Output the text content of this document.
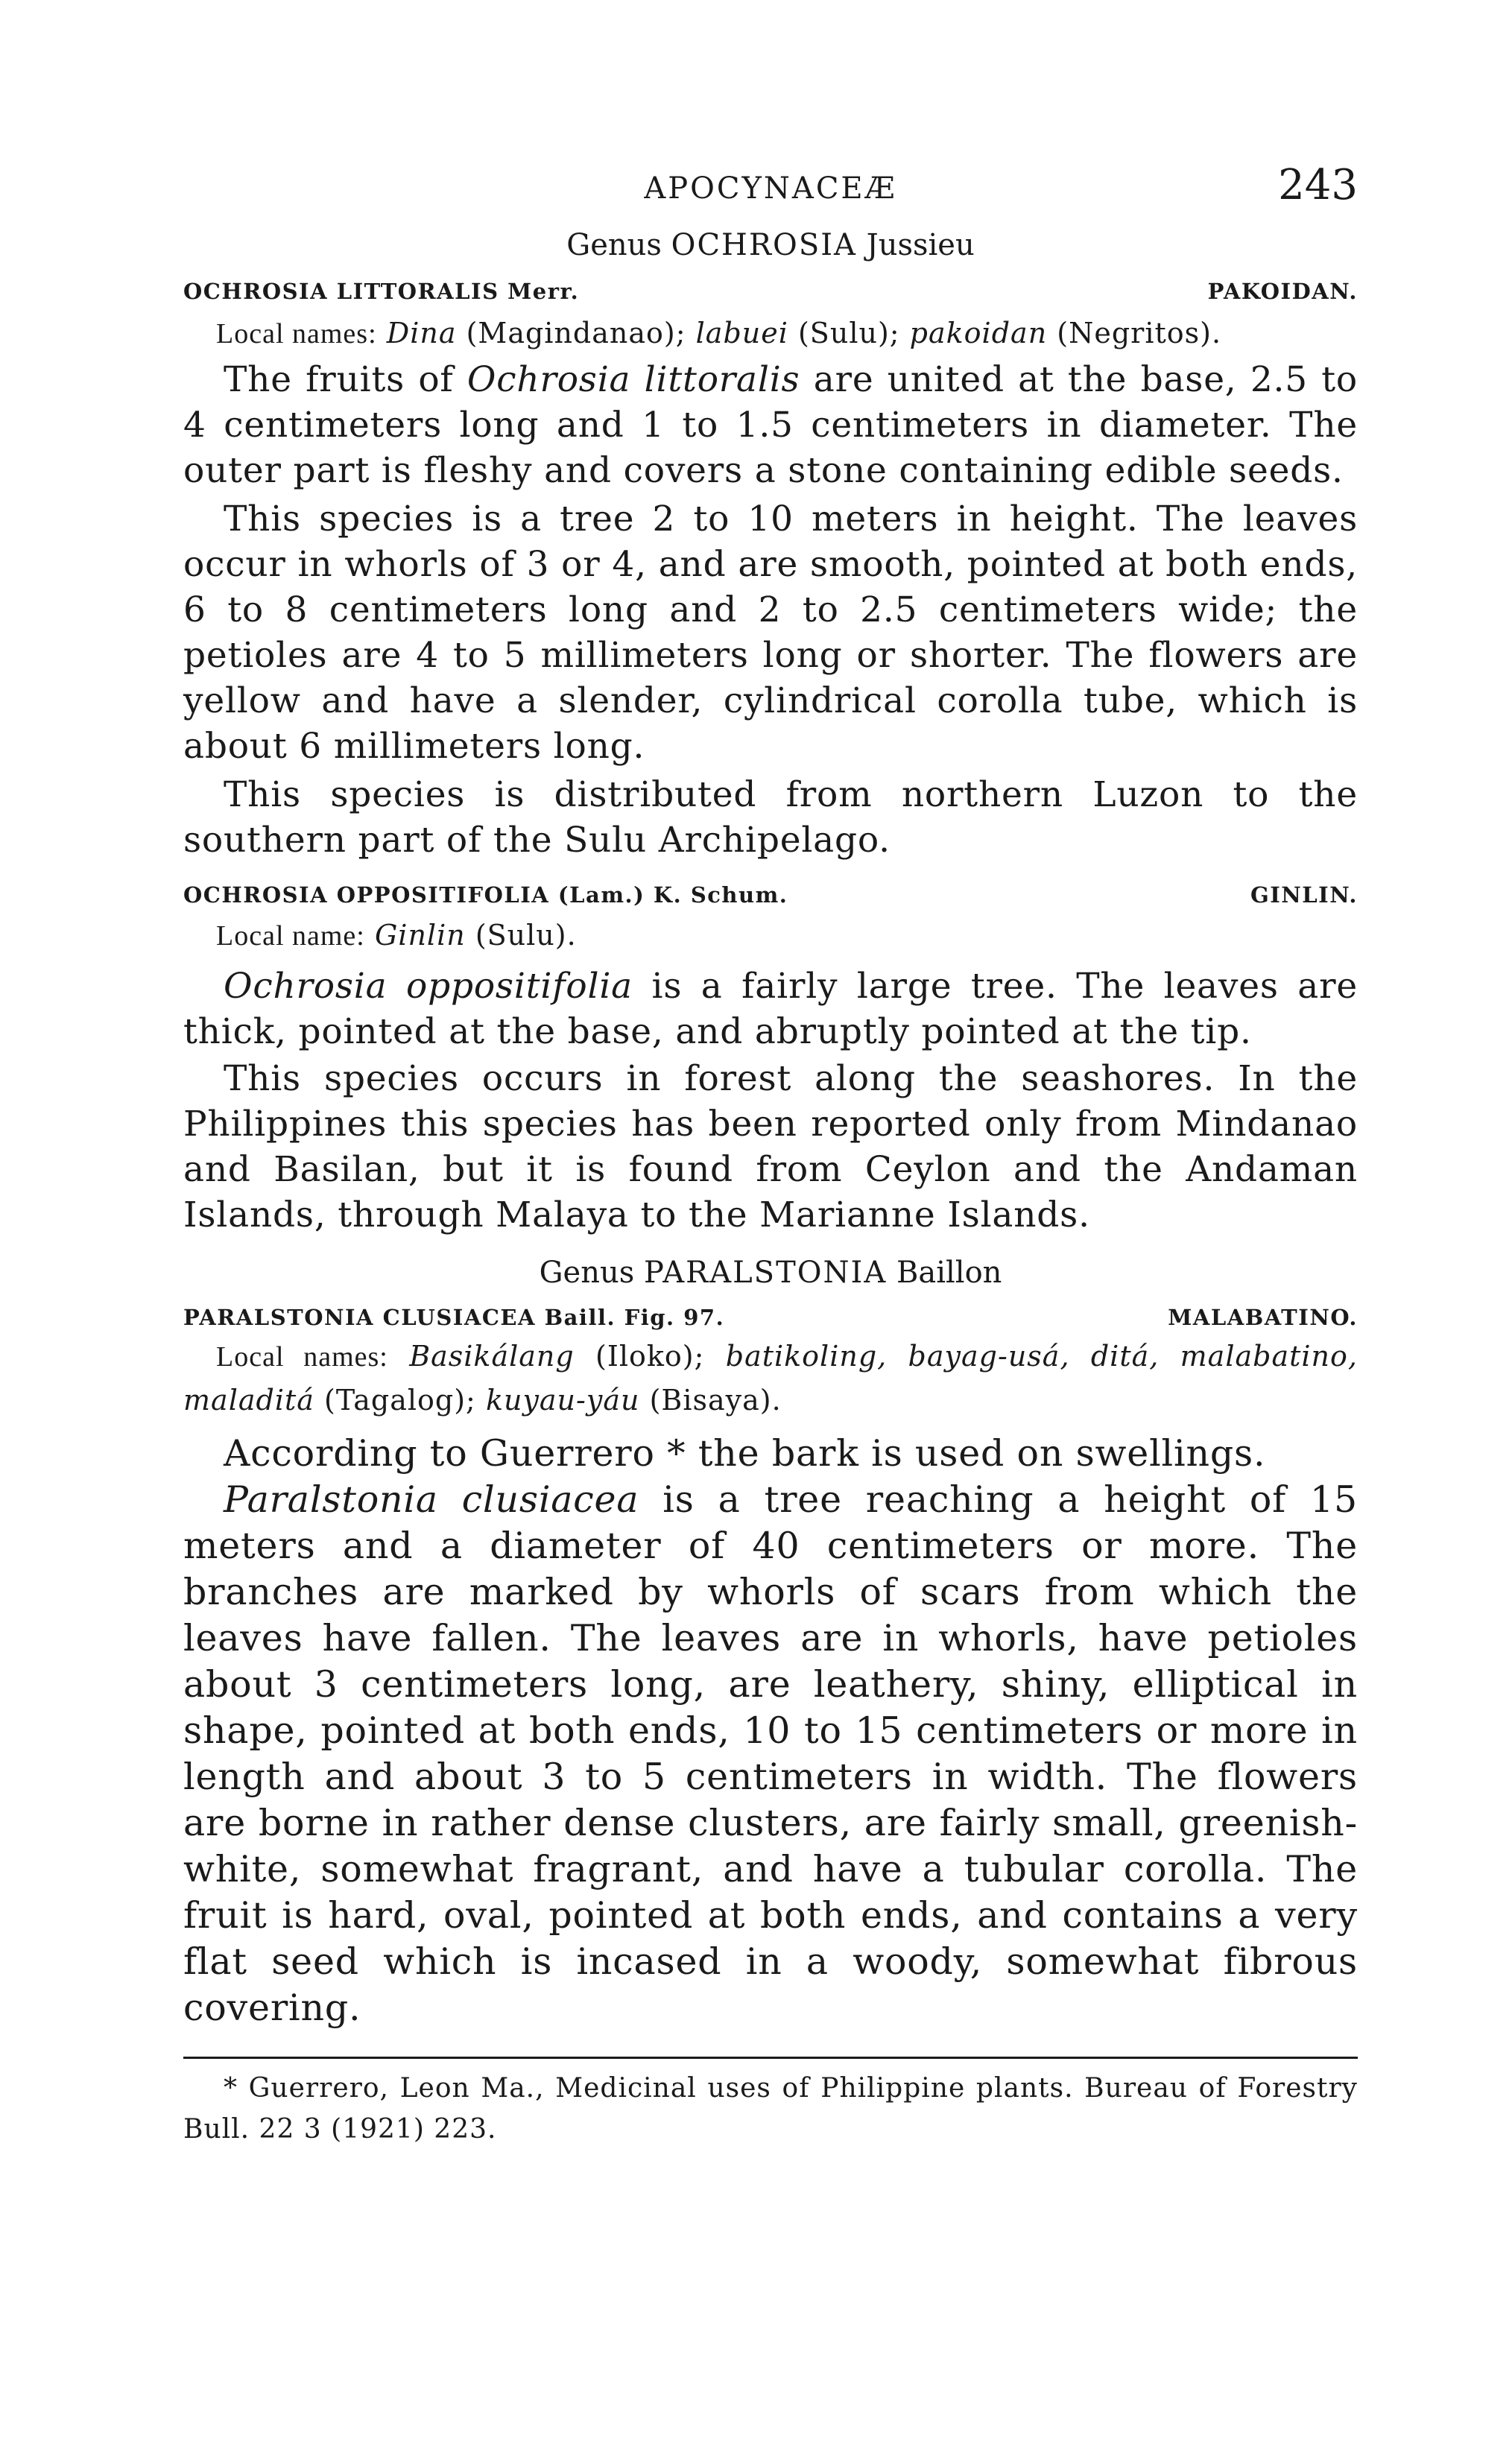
APOCYNACEÆ	243

Genus OCHROSIA Jussieu

OCHROSIA LITTORALIS Merr.	PAKOIDAN.

Local names: Dina (Magindanao); labuei (Sulu); pakoidan (Negritos).

The fruits of Ochrosia littoralis are united at the base, 2.5 to 4 centimeters long and 1 to 1.5 centimeters in diameter. The outer part is fleshy and covers a stone containing edible seeds.

This species is a tree 2 to 10 meters in height. The leaves occur in whorls of 3 or 4, and are smooth, pointed at both ends, 6 to 8 centimeters long and 2 to 2.5 centimeters wide; the petioles are 4 to 5 millimeters long or shorter. The flowers are yellow and have a slender, cylindrical corolla tube, which is about 6 millimeters long.

This species is distributed from northern Luzon to the southern part of the Sulu Archipelago.

OCHROSIA OPPOSITIFOLIA (Lam.) K. Schum.	GINLIN.

Local name: Ginlin (Sulu).

Ochrosia oppositifolia is a fairly large tree. The leaves are thick, pointed at the base, and abruptly pointed at the tip.

This species occurs in forest along the seashores. In the Philippines this species has been reported only from Mindanao and Basilan, but it is found from Ceylon and the Andaman Islands, through Malaya to the Marianne Islands.

Genus PARALSTONIA Baillon

PARALSTONIA CLUSIACEA Baill. Fig. 97.	MALABATINO.

Local names: Basikálang (Iloko); batikoling, bayag-usá, ditá, malabatino, maladitá (Tagalog); kuyau-yáu (Bisaya).

According to Guerrero * the bark is used on swellings.

Paralstonia clusiacea is a tree reaching a height of 15 meters and a diameter of 40 centimeters or more. The branches are marked by whorls of scars from which the leaves have fallen. The leaves are in whorls, have petioles about 3 centimeters long, are leathery, shiny, elliptical in shape, pointed at both ends, 10 to 15 centimeters or more in length and about 3 to 5 centimeters in width. The flowers are borne in rather dense clusters, are fairly small, greenish-white, somewhat fragrant, and have a tubular corolla. The fruit is hard, oval, pointed at both ends, and contains a very flat seed which is incased in a woody, somewhat fibrous covering.

* Guerrero, Leon Ma., Medicinal uses of Philippine plants. Bureau of Forestry Bull. 22 3 (1921) 223.
